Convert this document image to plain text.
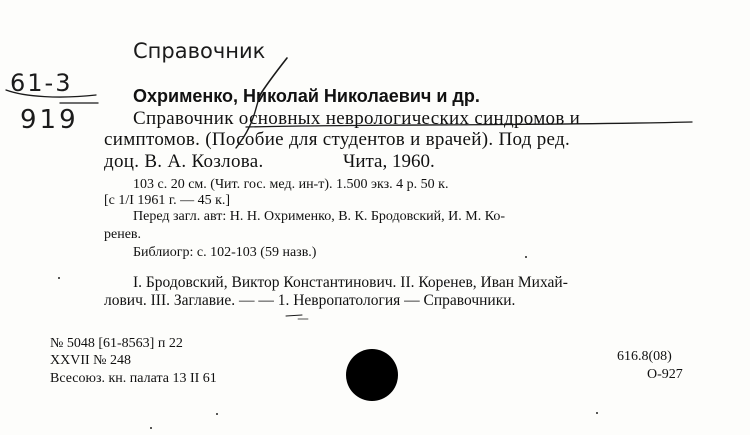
Справочник
61-3
919
Охрименко, Николай Николаевич и др.
Справочник основных неврологических синдромов и
симптомов. (Пособие для студентов и врачей). Под ред.
доц. В. А. Козлова.	Чита, 1960.
103 с. 20 см. (Чит. гос. мед. ин-т). 1.500 экз. 4 р. 50 к.
[с 1/I 1961 г. — 45 к.]
Перед загл. авт: Н. Н. Охрименко, В. К. Бродовский, И. М. Ко-
ренев.
Библиогр: с. 102-103 (59 назв.)
I. Бродовский, Виктор Константинович. II. Коренев, Иван Михай-
лович. III. Заглавие. — — 1. Невропатология — Справочники.
№ 5048 [61-8563] п 22
XXVII № 248
Всесоюз. кн. палата 13 II 61
616.8(08)
О-927
